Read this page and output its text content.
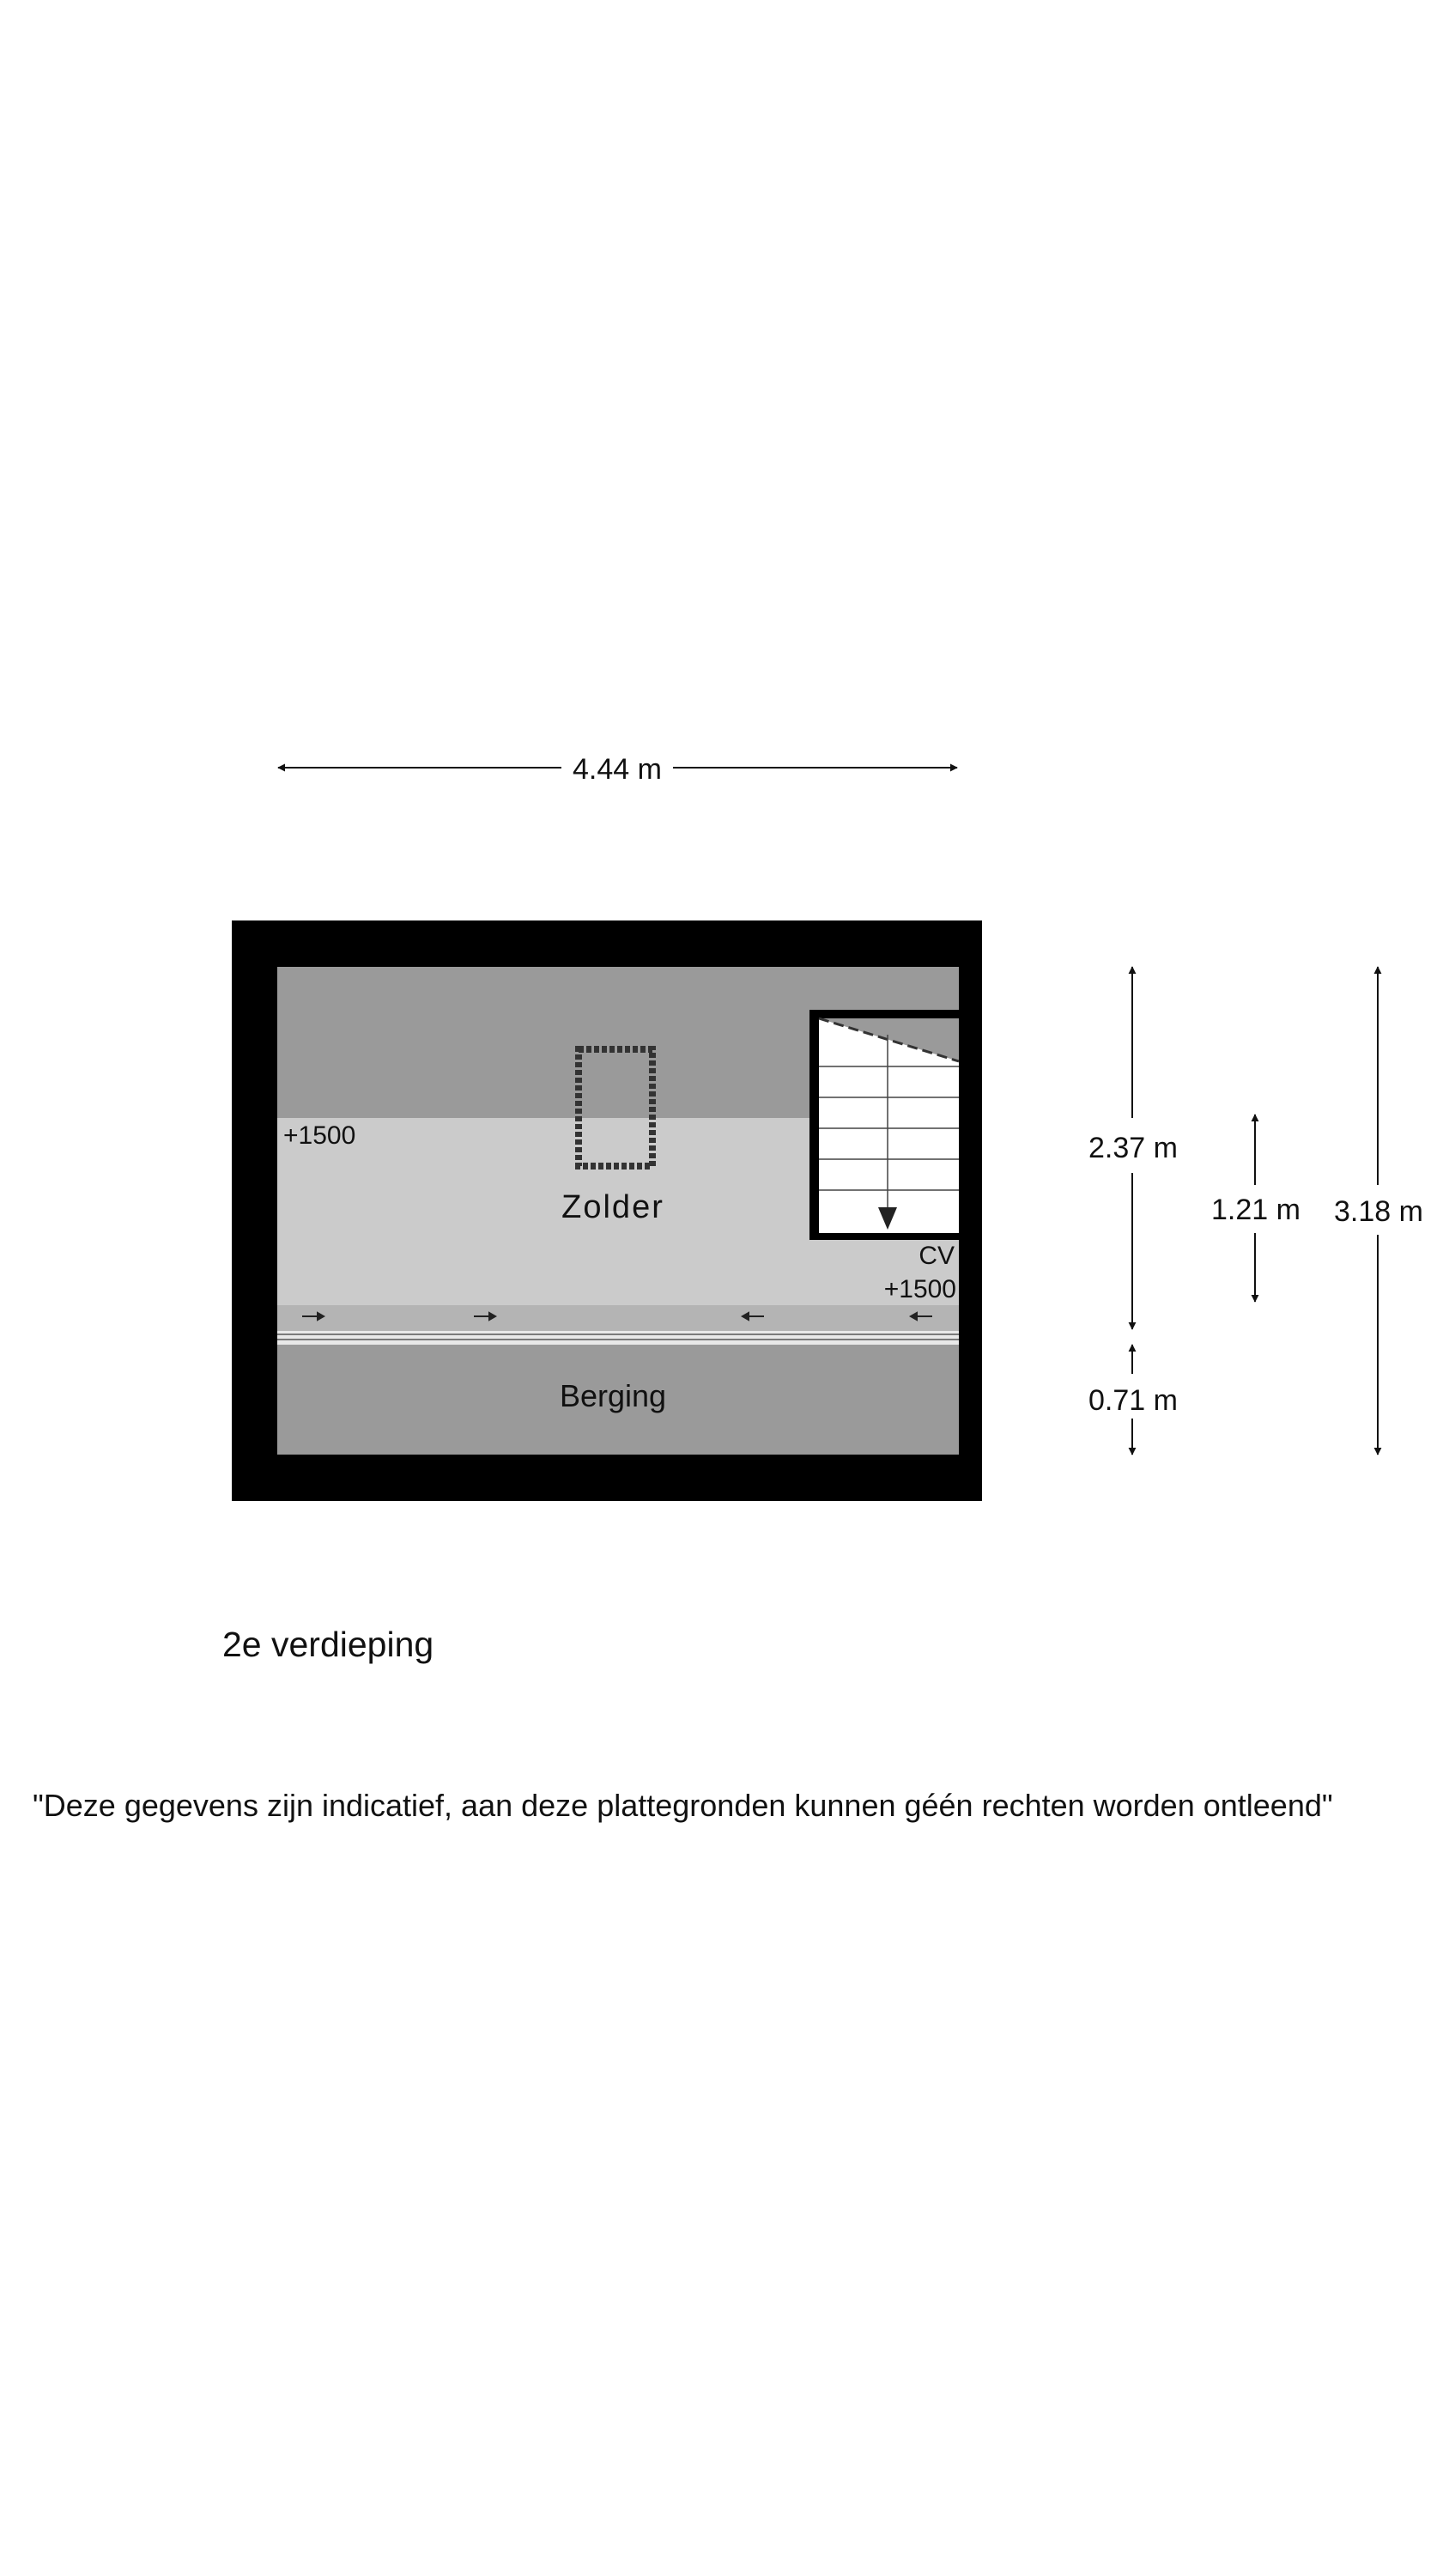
Zolder
Berging
+1500
CV
+1500
4.44 m
2.37 m
0.71 m
1.21 m 3.18 m
2e verdieping
"Deze gegevens zijn indicatief, aan deze plattegronden kunnen géén rechten worden ontleend"
